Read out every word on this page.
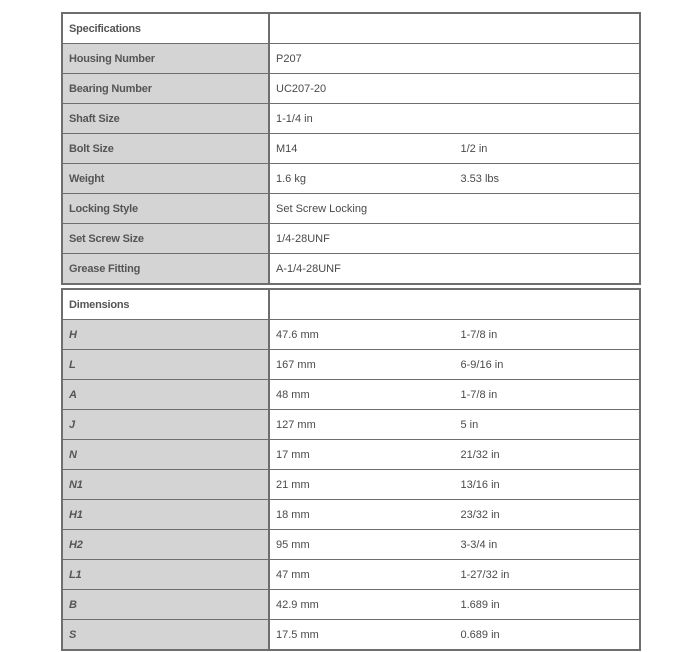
Specifications		
Housing Number	P207	
Bearing Number	UC207-20	
Shaft Size	1-1/4 in	
Bolt Size	M14	1/2 in
Weight	1.6 kg	3.53 lbs
Locking Style	Set Screw Locking	
Set Screw Size	1/4-28UNF	
Grease Fitting	A-1/4-28UNF	
Dimensions		
H	47.6 mm	1-7/8 in
L	167 mm	6-9/16 in
A	48 mm	1-7/8 in
J	127 mm	5 in
N	17 mm	21/32 in
N1	21 mm	13/16 in
H1	18 mm	23/32 in
H2	95 mm	3-3/4 in
L1	47 mm	1-27/32 in
B	42.9 mm	1.689 in
S	17.5 mm	0.689 in
